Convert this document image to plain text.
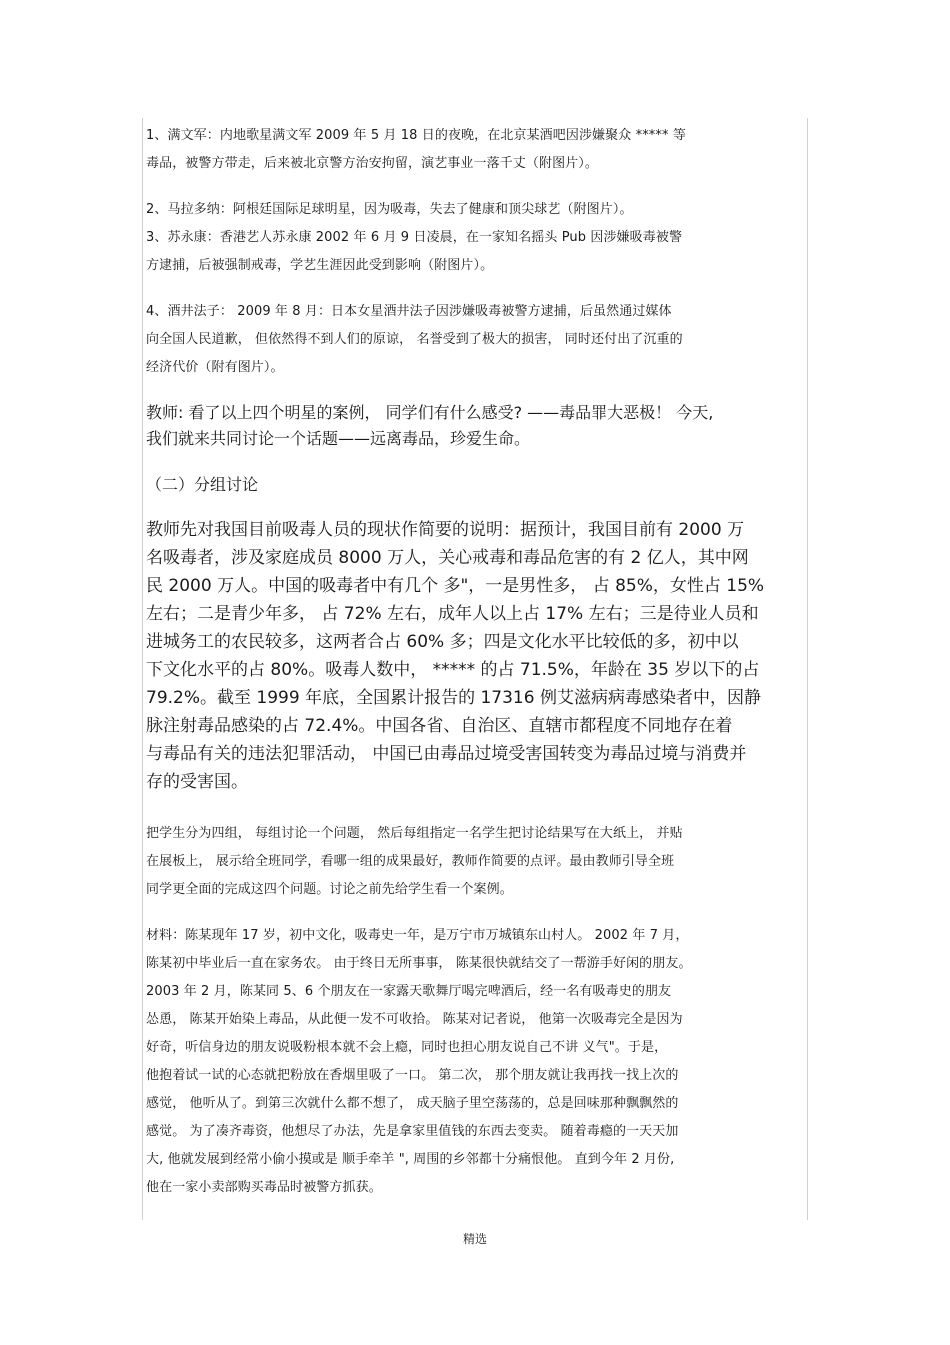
1、满文军：内地歌星满文军 2009 年 5 月 18 日的夜晚，在北京某酒吧因涉嫌聚众 ***** 等
毒品，被警方带走，后来被北京警方治安拘留，演艺事业一落千丈（附图片）。
2、马拉多纳：阿根廷国际足球明星，因为吸毒，失去了健康和顶尖球艺（附图片）。
3、苏永康：香港艺人苏永康 2002 年 6 月 9 日凌晨，在一家知名摇头 Pub 因涉嫌吸毒被警
方逮捕，后被强制戒毒，学艺生涯因此受到影响（附图片）。
4、酒井法子： 2009 年 8 月：日本女星酒井法子因涉嫌吸毒被警方逮捕，后虽然通过媒体
向全国人民道歉， 但依然得不到人们的原谅， 名誉受到了极大的损害， 同时还付出了沉重的
经济代价（附有图片）。
教师: 看了以上四个明星的案例， 同学们有什么感受? ——毒品罪大恶极！ 今天,
我们就来共同讨论一个话题——远离毒品，珍爱生命。
（二）分组讨论
教师先对我国目前吸毒人员的现状作简要的说明：据预计，我国目前有 2000 万
名吸毒者，涉及家庭成员 8000 万人，关心戒毒和毒品危害的有 2 亿人，其中网
民 2000 万人。中国的吸毒者中有几个 多"，一是男性多， 占 85%，女性占 15%
左右；二是青少年多， 占 72% 左右，成年人以上占 17% 左右；三是待业人员和
进城务工的农民较多，这两者合占 60% 多；四是文化水平比较低的多，初中以
下文化水平的占 80%。吸毒人数中， ***** 的占 71.5%，年龄在 35 岁以下的占
79.2%。截至 1999 年底，全国累计报告的 17316 例艾滋病病毒感染者中，因静
脉注射毒品感染的占 72.4%。中国各省、自治区、直辖市都程度不同地存在着
与毒品有关的违法犯罪活动， 中国已由毒品过境受害国转变为毒品过境与消费并
存的受害国。
把学生分为四组， 每组讨论一个问题， 然后每组指定一名学生把讨论结果写在大纸上， 并贴
在展板上， 展示给全班同学，看哪一组的成果最好，教师作简要的点评。最由教师引导全班
同学更全面的完成这四个问题。讨论之前先给学生看一个案例。
材料：陈某现年 17 岁，初中文化，吸毒史一年，是万宁市万城镇东山村人。 2002 年 7 月，
陈某初中毕业后一直在家务农。 由于终日无所事事， 陈某很快就结交了一帮游手好闲的朋友。
2003 年 2 月，陈某同 5、6 个朋友在一家露天歌舞厅喝完啤酒后，经一名有吸毒史的朋友
怂恿， 陈某开始染上毒品，从此便一发不可收拾。 陈某对记者说， 他第一次吸毒完全是因为
好奇，听信身边的朋友说吸粉根本就不会上瘾，同时也担心朋友说自己不讲 义气"。于是，
他抱着试一试的心态就把粉放在香烟里吸了一口。 第二次， 那个朋友就让我再找一找上次的
感觉， 他听从了。到第三次就什么都不想了， 成天脑子里空荡荡的，总是回味那种飘飘然的
感觉。 为了凑齐毒资，他想尽了办法，先是拿家里值钱的东西去变卖。 随着毒瘾的一天天加
大, 他就发展到经常小偷小摸或是 顺手牵羊 ", 周围的乡邻都十分痛恨他。 直到今年 2 月份,
他在一家小卖部购买毒品时被警方抓获。
精选
